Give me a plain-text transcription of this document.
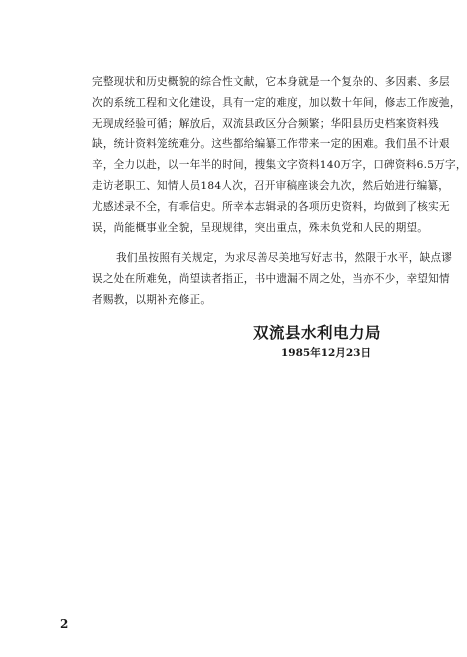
完整现状和历史概貌的综合性文献，它本身就是一个复杂的、多因素、多层
次的系统工程和文化建设，具有一定的难度，加以数十年间，修志工作废弛，
无现成经验可循；解放后，双流县政区分合频繁；华阳县历史档案资料残
缺，统计资料笼统难分。这些都给编纂工作带来一定的困难。我们虽不计艰
辛，全力以赴，以一年半的时间，搜集文字资料140万字，口碑资料6.5万字，
走访老职工、知情人员184人次，召开审稿座谈会九次，然后始进行编纂，
尤感述录不全，有乖信史。所幸本志辑录的各项历史资料，均做到了核实无
误，尚能概事业全貌，呈现规律，突出重点，殊未负党和人民的期望。
我们虽按照有关规定，为求尽善尽美地写好志书，然限于水平，缺点谬
误之处在所难免，尚望读者指正，书中遗漏不周之处，当亦不少，幸望知情
者赐教，以期补充修正。
双流县水利电力局
1985年12月23日
2
